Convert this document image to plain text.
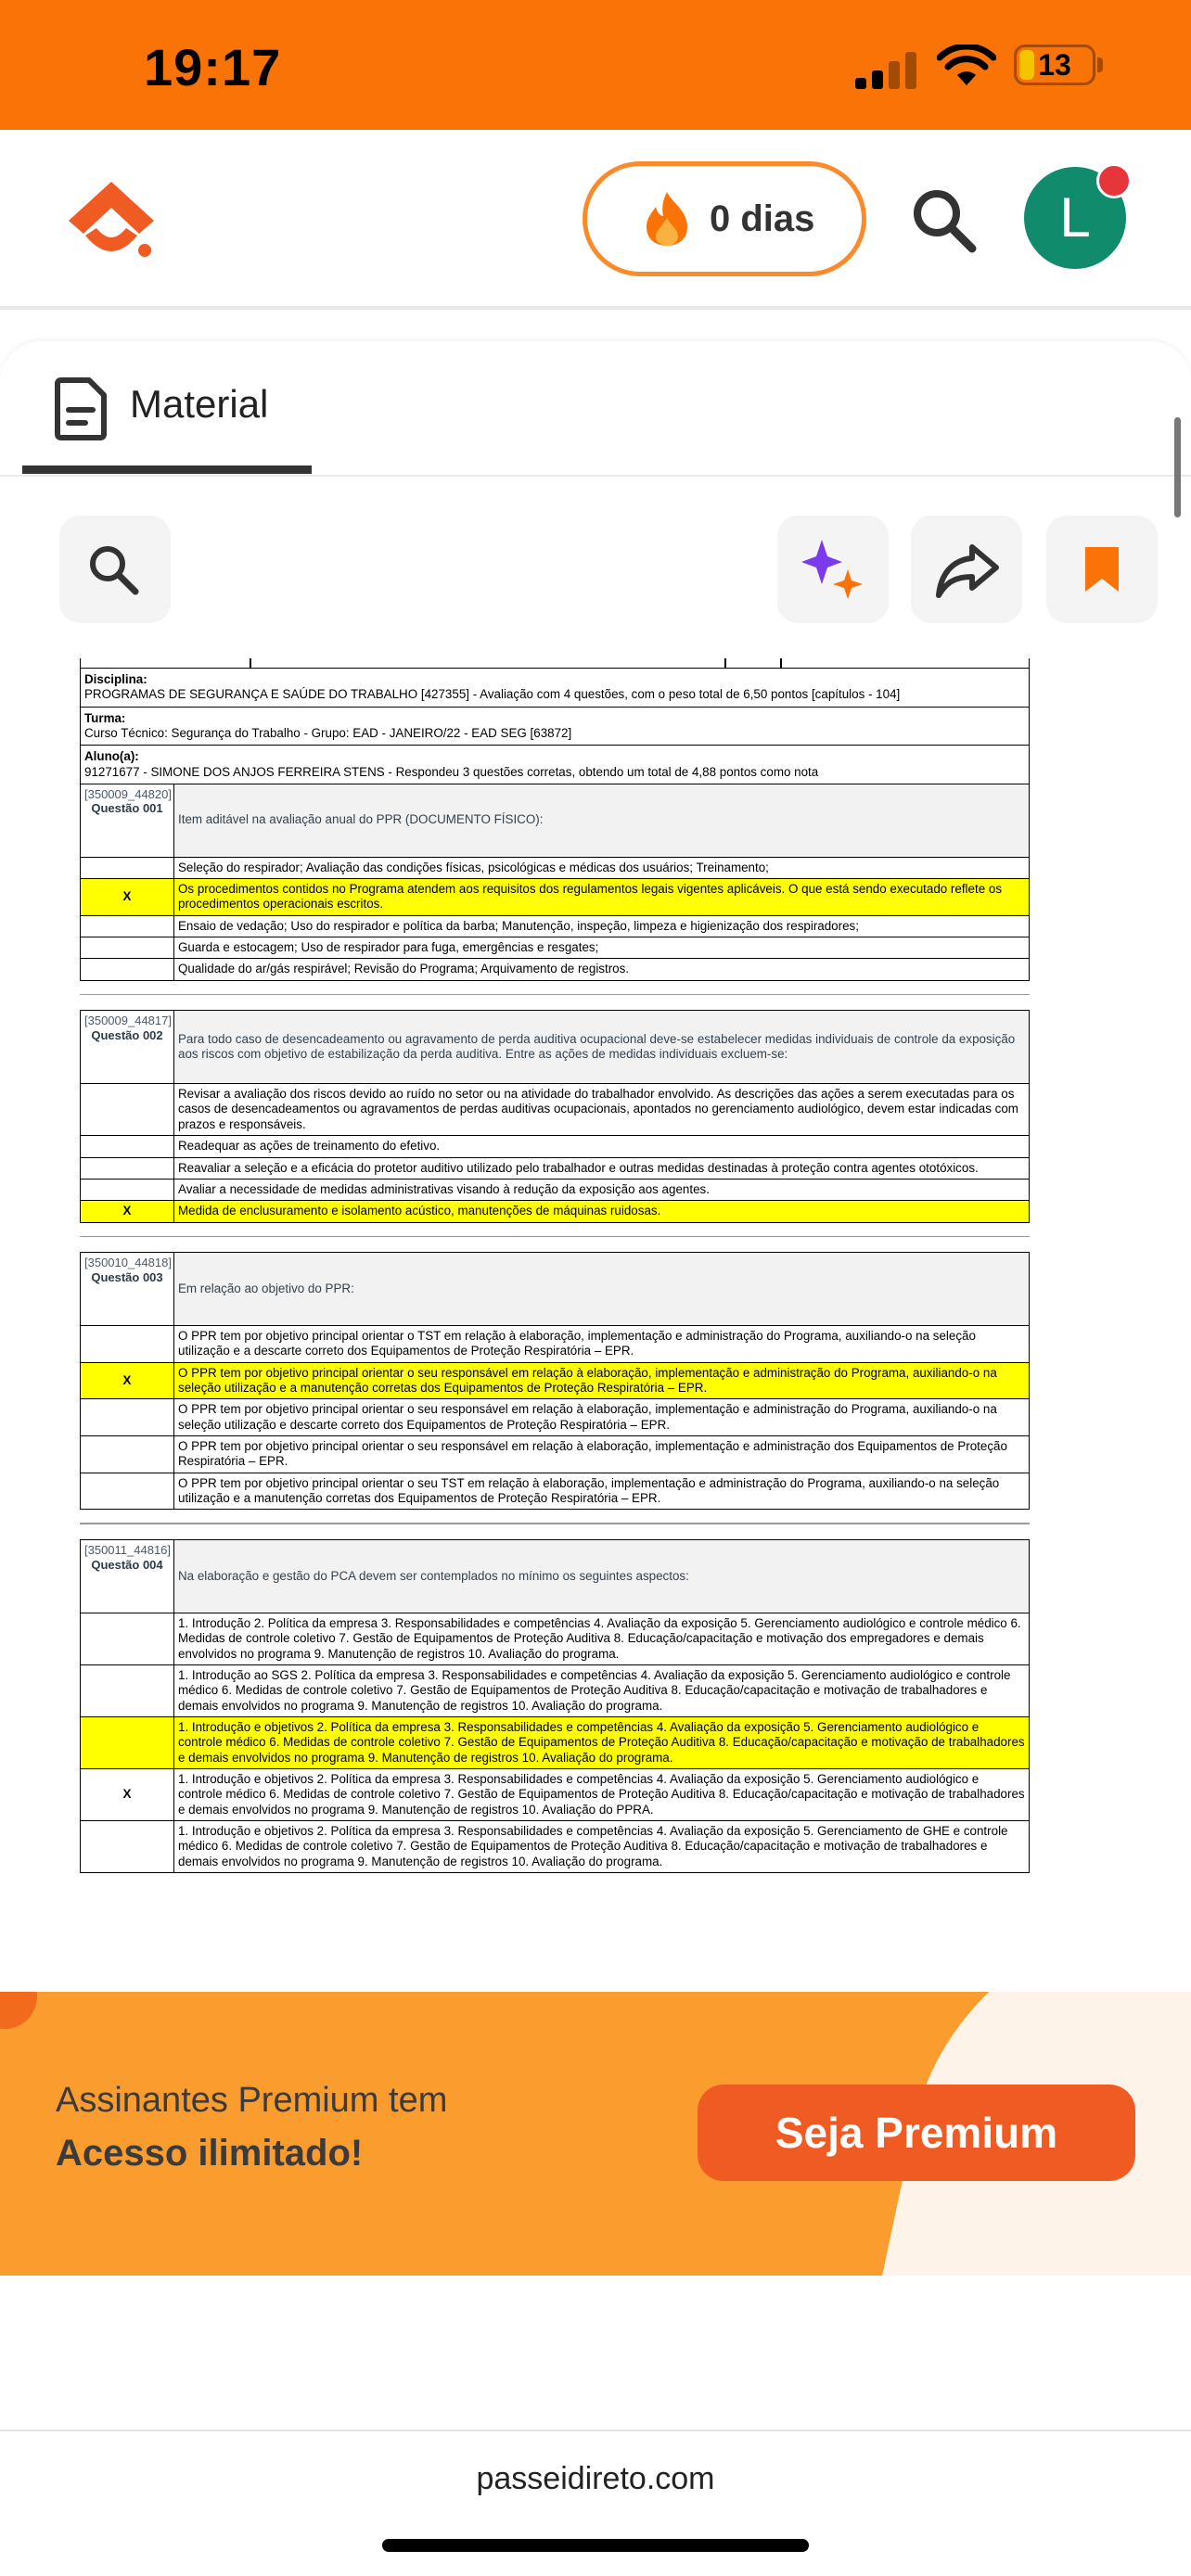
19:17	13
0 dias	L
Material
Disciplina:
PROGRAMAS DE SEGURANÇA E SAÚDE DO TRABALHO [427355] - Avaliação com 4 questões, com o peso total de 6,50 pontos [capítulos - 104]
Turma:
Curso Técnico: Segurança do Trabalho - Grupo: EAD - JANEIRO/22 - EAD SEG [63872]
Aluno(a):
91271677 - SIMONE DOS ANJOS FERREIRA STENS - Respondeu 3 questões corretas, obtendo um total de 4,88 pontos como nota
[350009_44820]
Questão 001	Item aditável na avaliação anual do PPR (DOCUMENTO FÍSICO):
	Seleção do respirador; Avaliação das condições físicas, psicológicas e médicas dos usuários; Treinamento;
X	Os procedimentos contidos no Programa atendem aos requisitos dos regulamentos legais vigentes aplicáveis. O que está sendo executado reflete os procedimentos operacionais escritos.
	Ensaio de vedação; Uso do respirador e política da barba; Manutenção, inspeção, limpeza e higienização dos respiradores;
	Guarda e estocagem; Uso de respirador para fuga, emergências e resgates;
	Qualidade do ar/gás respirável; Revisão do Programa; Arquivamento de registros.
[350009_44817]
Questão 002	Para todo caso de desencadeamento ou agravamento de perda auditiva ocupacional deve-se estabelecer medidas individuais de controle da exposição aos riscos com objetivo de estabilização da perda auditiva. Entre as ações de medidas individuais excluem-se:
	Revisar a avaliação dos riscos devido ao ruído no setor ou na atividade do trabalhador envolvido. As descrições das ações a serem executadas para os casos de desencadeamentos ou agravamentos de perdas auditivas ocupacionais, apontados no gerenciamento audiológico, devem estar indicadas com prazos e responsáveis.
	Readequar as ações de treinamento do efetivo.
	Reavaliar a seleção e a eficácia do protetor auditivo utilizado pelo trabalhador e outras medidas destinadas à proteção contra agentes ototóxicos.
	Avaliar a necessidade de medidas administrativas visando à redução da exposição aos agentes.
X	Medida de enclusuramento e isolamento acústico, manutenções de máquinas ruidosas.
[350010_44818]
Questão 003	Em relação ao objetivo do PPR:
	O PPR tem por objetivo principal orientar o TST em relação à elaboração, implementação e administração do Programa, auxiliando-o na seleção utilização e a descarte correto dos Equipamentos de Proteção Respiratória – EPR.
X	O PPR tem por objetivo principal orientar o seu responsável em relação à elaboração, implementação e administração do Programa, auxiliando-o na seleção utilização e a manutenção corretas dos Equipamentos de Proteção Respiratória – EPR.
	O PPR tem por objetivo principal orientar o seu responsável em relação à elaboração, implementação e administração do Programa, auxiliando-o na seleção utilização e descarte correto dos Equipamentos de Proteção Respiratória – EPR.
	O PPR tem por objetivo principal orientar o seu responsável em relação à elaboração, implementação e administração dos Equipamentos de Proteção Respiratória – EPR.
	O PPR tem por objetivo principal orientar o seu TST em relação à elaboração, implementação e administração do Programa, auxiliando-o na seleção utilização e a manutenção corretas dos Equipamentos de Proteção Respiratória – EPR.
[350011_44816]
Questão 004	Na elaboração e gestão do PCA devem ser contemplados no mínimo os seguintes aspectos:
	1. Introdução 2. Política da empresa 3. Responsabilidades e competências 4. Avaliação da exposição 5. Gerenciamento audiológico e controle médico 6. Medidas de controle coletivo 7. Gestão de Equipamentos de Proteção Auditiva 8. Educação/capacitação e motivação dos empregadores e demais envolvidos no programa 9. Manutenção de registros 10. Avaliação do programa.
	1. Introdução ao SGS 2. Política da empresa 3. Responsabilidades e competências 4. Avaliação da exposição 5. Gerenciamento audiológico e controle médico 6. Medidas de controle coletivo 7. Gestão de Equipamentos de Proteção Auditiva 8. Educação/capacitação e motivação de trabalhadores e demais envolvidos no programa 9. Manutenção de registros 10. Avaliação do programa.
	1. Introdução e objetivos 2. Política da empresa 3. Responsabilidades e competências 4. Avaliação da exposição 5. Gerenciamento audiológico e controle médico 6. Medidas de controle coletivo 7. Gestão de Equipamentos de Proteção Auditiva 8. Educação/capacitação e motivação de trabalhadores e demais envolvidos no programa 9. Manutenção de registros 10. Avaliação do programa.
X	1. Introdução e objetivos 2. Política da empresa 3. Responsabilidades e competências 4. Avaliação da exposição 5. Gerenciamento audiológico e controle médico 6. Medidas de controle coletivo 7. Gestão de Equipamentos de Proteção Auditiva 8. Educação/capacitação e motivação de trabalhadores e demais envolvidos no programa 9. Manutenção de registros 10. Avaliação do PPRA.
	1. Introdução e objetivos 2. Política da empresa 3. Responsabilidades e competências 4. Avaliação da exposição 5. Gerenciamento de GHE e controle médico 6. Medidas de controle coletivo 7. Gestão de Equipamentos de Proteção Auditiva 8. Educação/capacitação e motivação de trabalhadores e demais envolvidos no programa 9. Manutenção de registros 10. Avaliação do programa.
Assinantes Premium tem
Acesso ilimitado!	Seja Premium
passeidireto.com
